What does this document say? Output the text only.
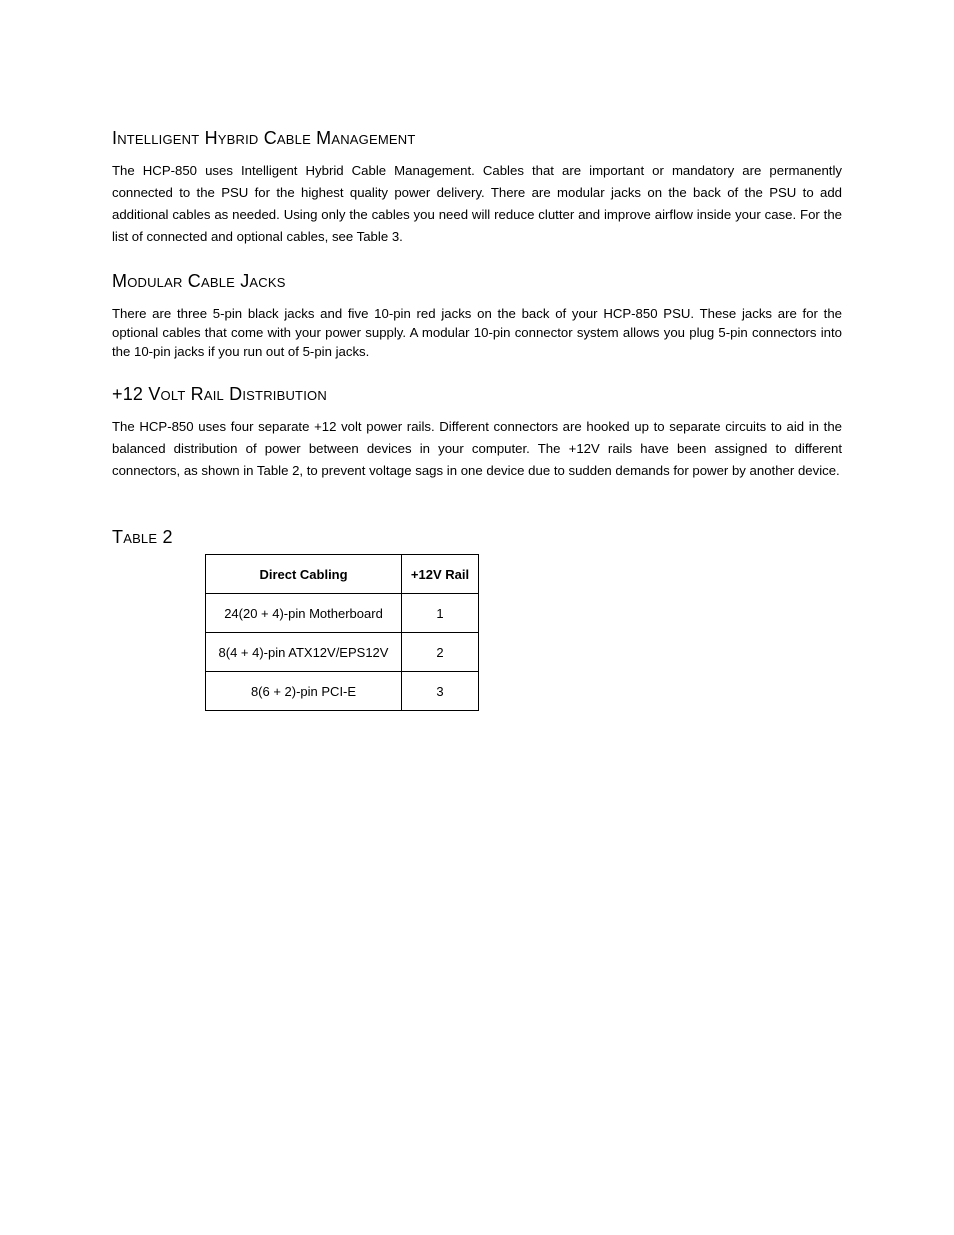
Intelligent Hybrid Cable Management

The HCP-850 uses Intelligent Hybrid Cable Management. Cables that are important or mandatory are permanently connected to the PSU for the highest quality power delivery. There are modular jacks on the back of the PSU to add additional cables as needed. Using only the cables you need will reduce clutter and improve airflow inside your case. For the list of connected and optional cables, see Table 3.

Modular Cable Jacks

There are three 5-pin black jacks and five 10-pin red jacks on the back of your HCP-850 PSU. These jacks are for the optional cables that come with your power supply. A modular 10-pin connector system allows you plug 5-pin connectors into the 10-pin jacks if you run out of 5-pin jacks.

+12 Volt Rail Distribution

The HCP-850 uses four separate +12 volt power rails. Different connectors are hooked up to separate circuits to aid in the balanced distribution of power between devices in your computer. The +12V rails have been assigned to different connectors, as shown in Table 2, to prevent voltage sags in one device due to sudden demands for power by another device.

Table 2
Direct Cabling	+12V Rail
24(20 + 4)-pin Motherboard	1
8(4 + 4)-pin ATX12V/EPS12V	2
8(6 + 2)-pin PCI-E	3
